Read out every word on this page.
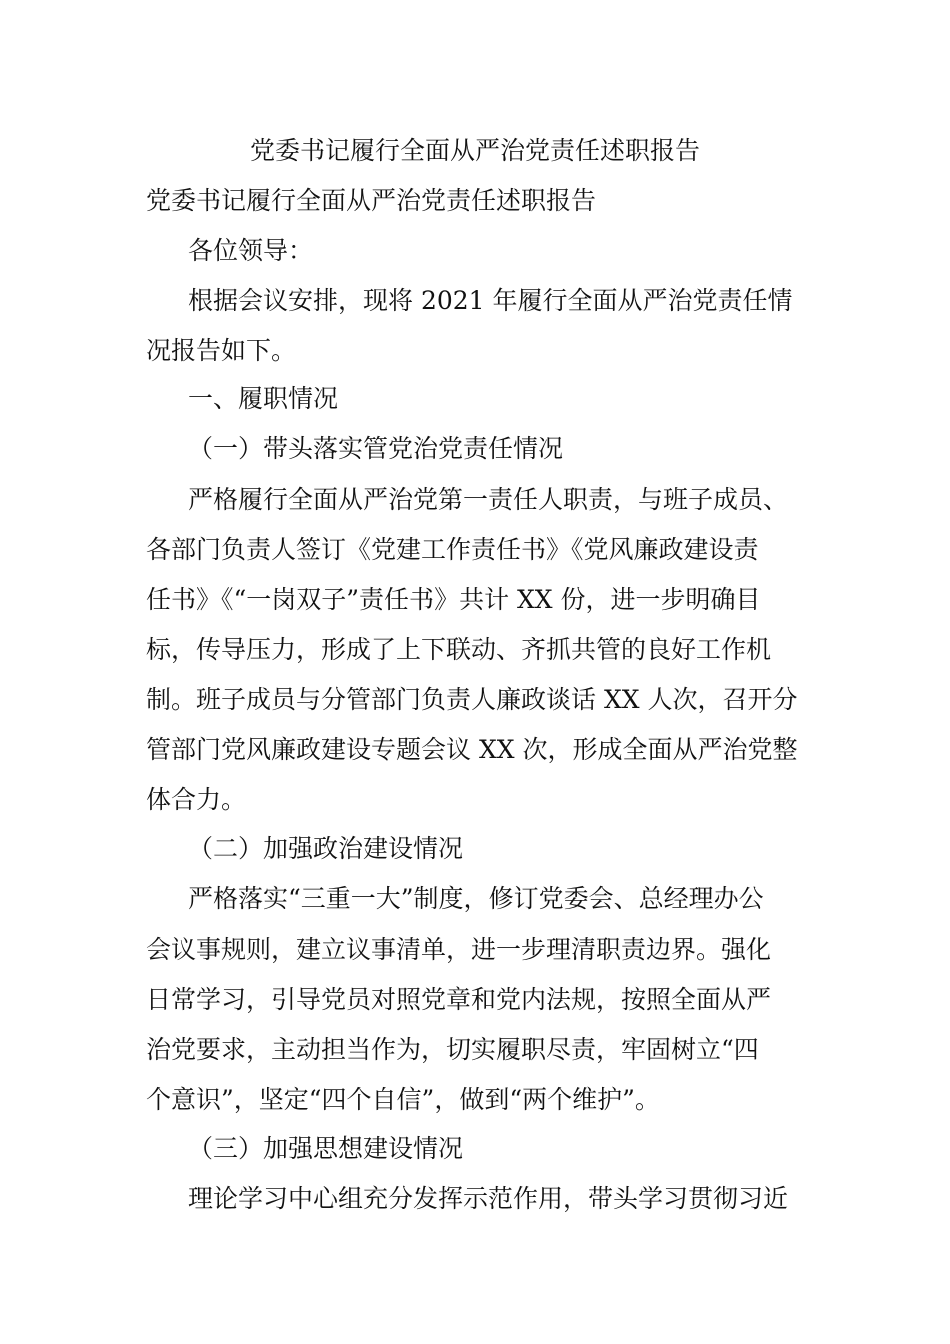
党委书记履行全面从严治党责任述职报告
党委书记履行全面从严治党责任述职报告
各位领导：
根据会议安排，现将 2021 年履行全面从严治党责任情
况报告如下。
一、履职情况
（一）带头落实管党治党责任情况
严格履行全面从严治党第一责任人职责，与班子成员、
各部门负责人签订《党建工作责任书》《党风廉政建设责
任书》《“一岗双子”责任书》共计 XX 份，进一步明确目
标，传导压力，形成了上下联动、齐抓共管的良好工作机
制。班子成员与分管部门负责人廉政谈话 XX 人次，召开分
管部门党风廉政建设专题会议 XX 次，形成全面从严治党整
体合力。
（二）加强政治建设情况
严格落实“三重一大”制度，修订党委会、总经理办公
会议事规则，建立议事清单，进一步理清职责边界。强化
日常学习，引导党员对照党章和党内法规，按照全面从严
治党要求，主动担当作为，切实履职尽责，牢固树立“四
个意识”，坚定“四个自信”，做到“两个维护”。
（三）加强思想建设情况
理论学习中心组充分发挥示范作用，带头学习贯彻习近
